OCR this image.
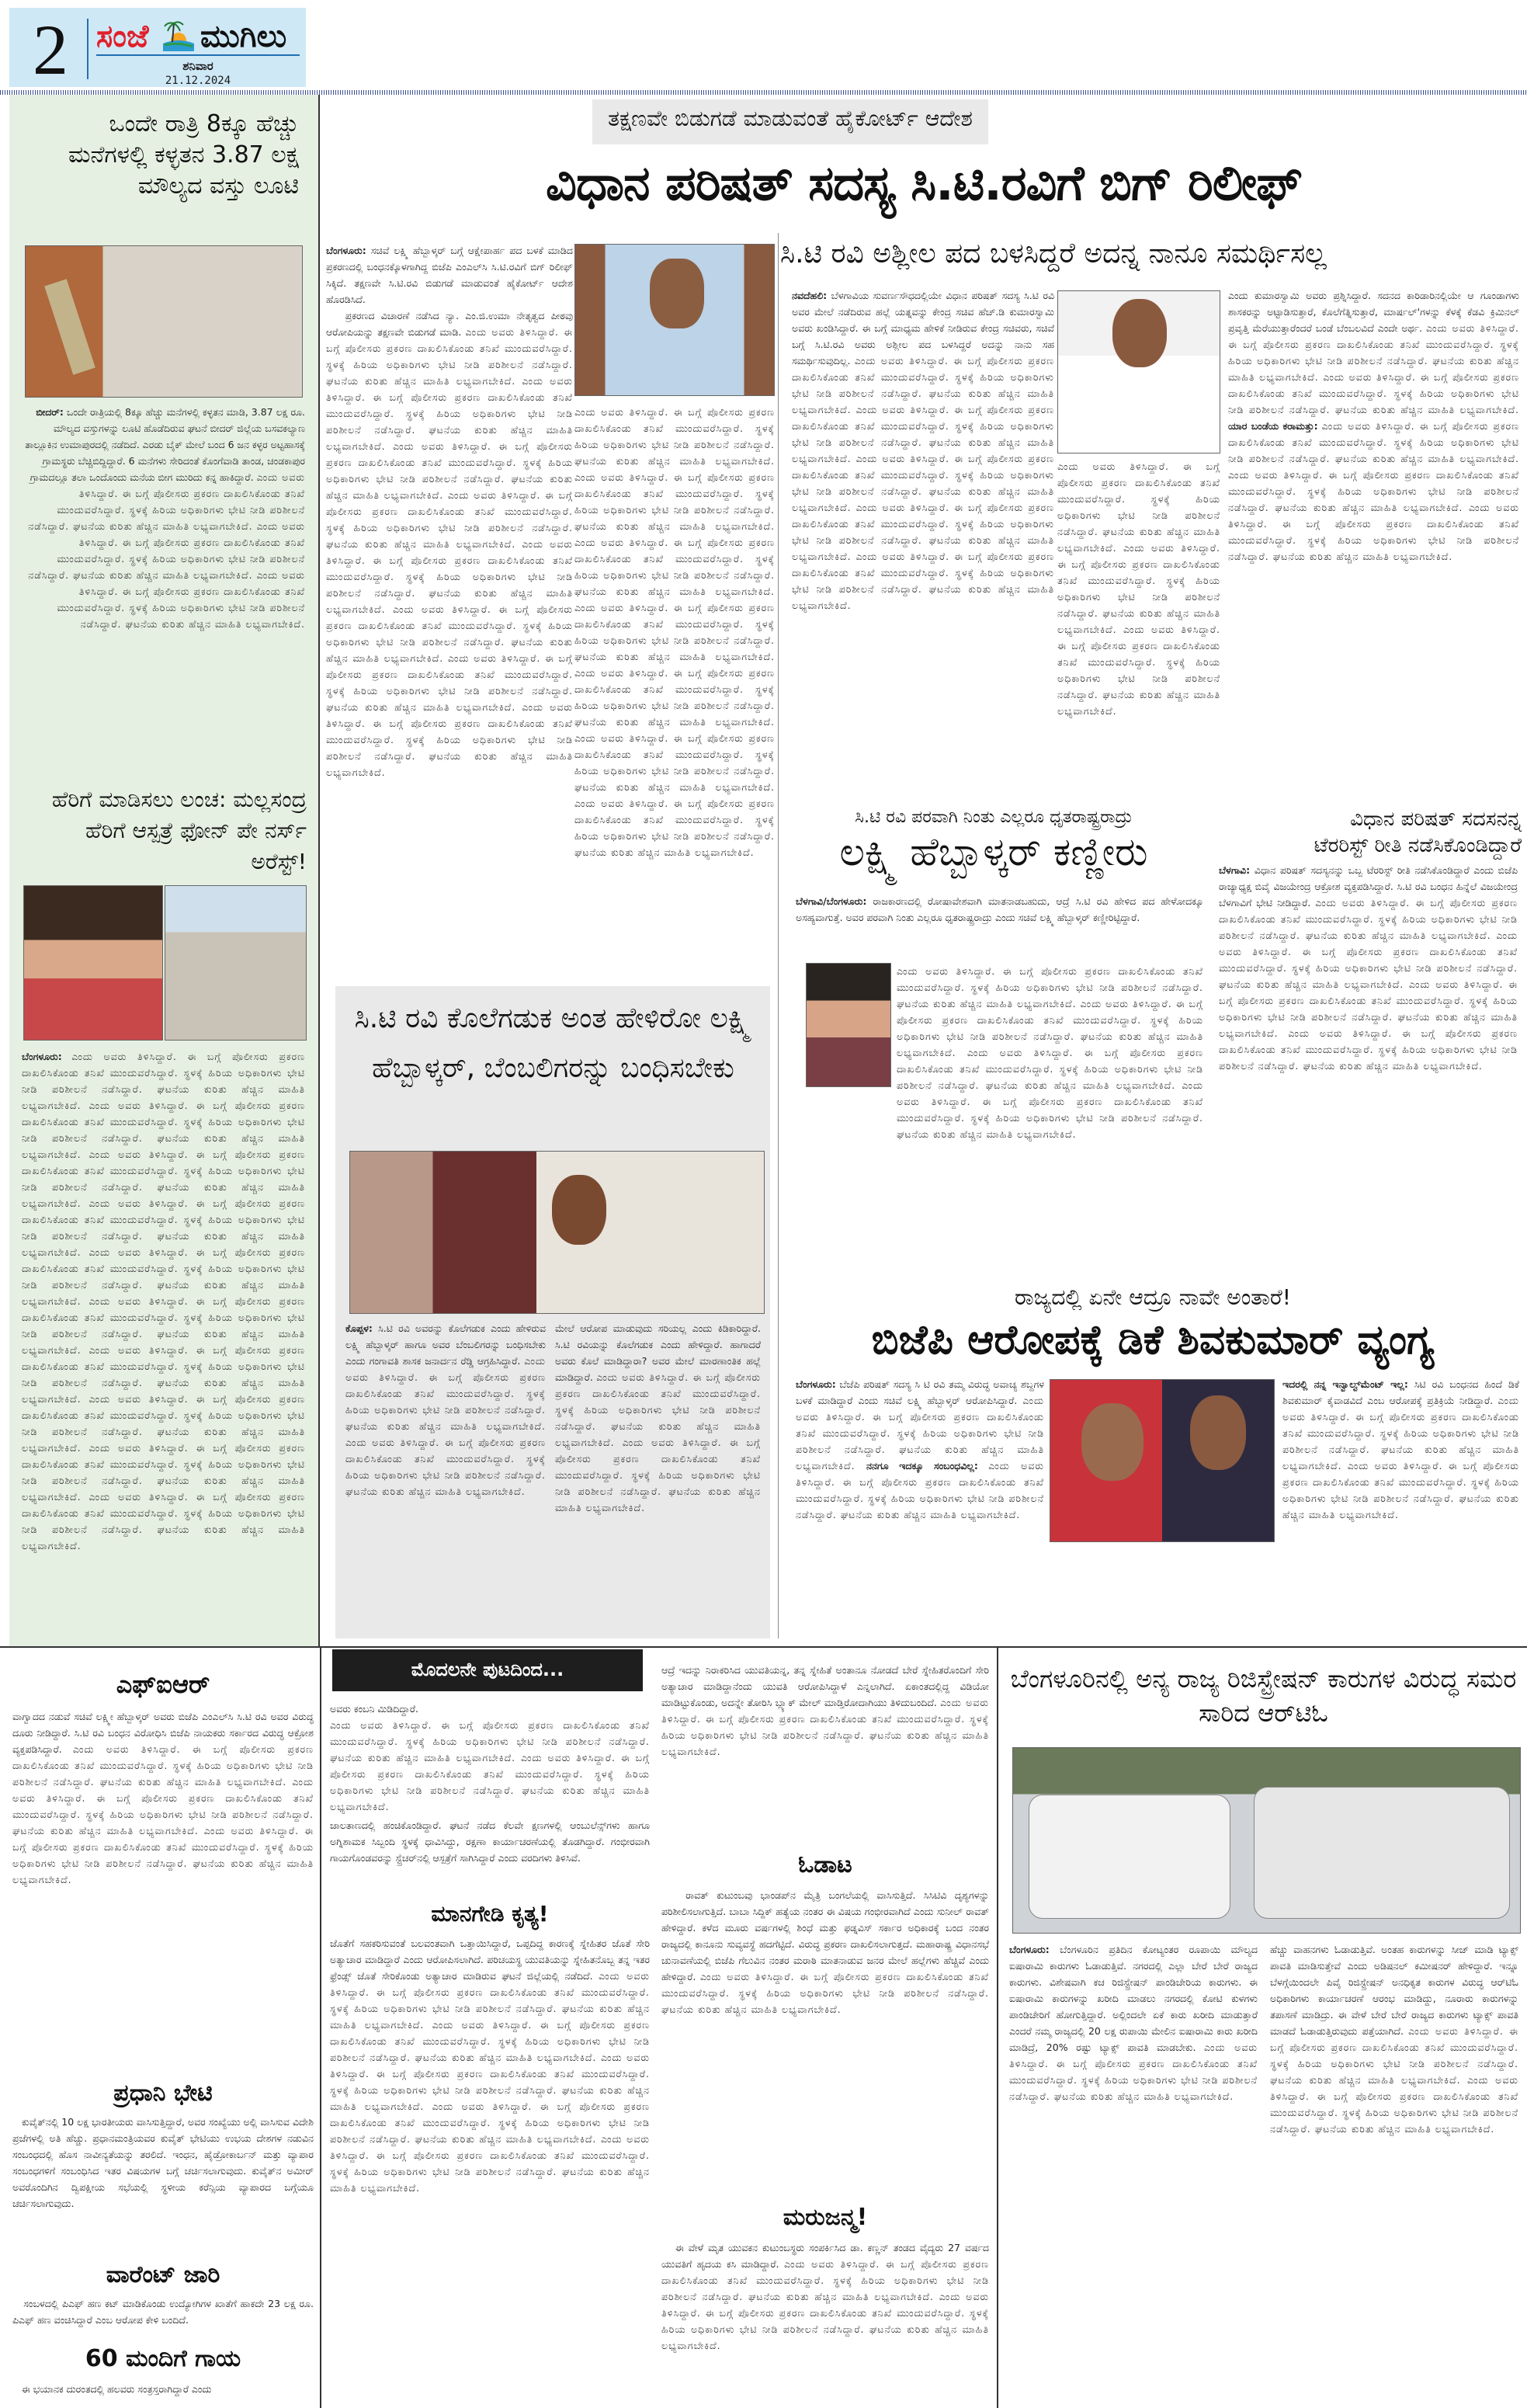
2 ಸಂಜೆ ಮುಗಿಲು
ಶನಿವಾರ
21.12.2024
ಒಂದೇ ರಾತ್ರಿ 8ಕ್ಕೂ ಹೆಚ್ಚು ಮನೆಗಳಲ್ಲಿ ಕಳ್ಳತನ 3.87 ಲಕ್ಷ ಮೌಲ್ಯದ ವಸ್ತು ಲೂಟಿ
ಬೀದರ್: ಒಂದೇ ರಾತ್ರಿಯಲ್ಲಿ 8ಕ್ಕೂ ಹೆಚ್ಚು ಮನೆಗಳಲ್ಲಿ ಕಳ್ಳತನ ಮಾಡಿ, 3.87 ಲಕ್ಷ ರೂ. ಮೌಲ್ಯದ ವಸ್ತುಗಳನ್ನು ಲೂಟಿ ಹೊಡೆದಿರುವ ಘಟನೆ ಬೀದರ್ ಜಿಲ್ಲೆಯ ಬಸವಕಲ್ಯಾಣ ತಾಲ್ಲೂಕಿನ ಉಮಾಪುರದಲ್ಲಿ ನಡೆದಿದೆ. ಎರಡು ಬೈಕ್ ಮೇಲೆ ಬಂದ 6 ಜನ ಕಳ್ಳರ ಅಟ್ಟಹಾಸಕ್ಕೆ ಗ್ರಾಮಸ್ಥರು ಬೆಚ್ಚಿಬಿದ್ದಿದ್ದಾರೆ. 6 ಮನೆಗಳು ಸೇರಿದಂತೆ ಕೊಂಗೆವಾಡಿ ತಾಂಡ, ಚಂಡಕಾಪುರ ಗ್ರಾಮದಲ್ಲೂ ತಲಾ ಒಂದೊಂದು ಮನೆಯ ಬೀಗ ಮುರಿದು ಕನ್ನ ಹಾಕಿದ್ದಾರೆ. ಎಂದು ಅವರು ತಿಳಿಸಿದ್ದಾರೆ. ಈ ಬಗ್ಗೆ ಪೊಲೀಸರು ಪ್ರಕರಣ ದಾಖಲಿಸಿಕೊಂಡು ತನಿಖೆ ಮುಂದುವರೆಸಿದ್ದಾರೆ. ಸ್ಥಳಕ್ಕೆ ಹಿರಿಯ ಅಧಿಕಾರಿಗಳು ಭೇಟಿ ನೀಡಿ ಪರಿಶೀಲನೆ ನಡೆಸಿದ್ದಾರೆ. ಘಟನೆಯ ಕುರಿತು ಹೆಚ್ಚಿನ ಮಾಹಿತಿ ಲಭ್ಯವಾಗಬೇಕಿದೆ. ಎಂದು ಅವರು ತಿಳಿಸಿದ್ದಾರೆ. ಈ ಬಗ್ಗೆ ಪೊಲೀಸರು ಪ್ರಕರಣ ದಾಖಲಿಸಿಕೊಂಡು ತನಿಖೆ ಮುಂದುವರೆಸಿದ್ದಾರೆ. ಸ್ಥಳಕ್ಕೆ ಹಿರಿಯ ಅಧಿಕಾರಿಗಳು ಭೇಟಿ ನೀಡಿ ಪರಿಶೀಲನೆ ನಡೆಸಿದ್ದಾರೆ. ಘಟನೆಯ ಕುರಿತು ಹೆಚ್ಚಿನ ಮಾಹಿತಿ ಲಭ್ಯವಾಗಬೇಕಿದೆ. ಎಂದು ಅವರು ತಿಳಿಸಿದ್ದಾರೆ. ಈ ಬಗ್ಗೆ ಪೊಲೀಸರು ಪ್ರಕರಣ ದಾಖಲಿಸಿಕೊಂಡು ತನಿಖೆ ಮುಂದುವರೆಸಿದ್ದಾರೆ. ಸ್ಥಳಕ್ಕೆ ಹಿರಿಯ ಅಧಿಕಾರಿಗಳು ಭೇಟಿ ನೀಡಿ ಪರಿಶೀಲನೆ ನಡೆಸಿದ್ದಾರೆ. ಘಟನೆಯ ಕುರಿತು ಹೆಚ್ಚಿನ ಮಾಹಿತಿ ಲಭ್ಯವಾಗಬೇಕಿದೆ.
ಹೆರಿಗೆ ಮಾಡಿಸಲು ಲಂಚ: ಮಲ್ಲಸಂದ್ರ ಹೆರಿಗೆ ಆಸ್ಪತ್ರೆ ಫೋನ್ ಪೇ ನರ್ಸ್ ಅರೆಸ್ಟ್!
ಬೆಂಗಳೂರು: ಎಂದು ಅವರು ತಿಳಿಸಿದ್ದಾರೆ. ಈ ಬಗ್ಗೆ ಪೊಲೀಸರು ಪ್ರಕರಣ ದಾಖಲಿಸಿಕೊಂಡು ತನಿಖೆ ಮುಂದುವರೆಸಿದ್ದಾರೆ. ಸ್ಥಳಕ್ಕೆ ಹಿರಿಯ ಅಧಿಕಾರಿಗಳು ಭೇಟಿ ನೀಡಿ ಪರಿಶೀಲನೆ ನಡೆಸಿದ್ದಾರೆ. ಘಟನೆಯ ಕುರಿತು ಹೆಚ್ಚಿನ ಮಾಹಿತಿ ಲಭ್ಯವಾಗಬೇಕಿದೆ. ಎಂದು ಅವರು ತಿಳಿಸಿದ್ದಾರೆ. ಈ ಬಗ್ಗೆ ಪೊಲೀಸರು ಪ್ರಕರಣ ದಾಖಲಿಸಿಕೊಂಡು ತನಿಖೆ ಮುಂದುವರೆಸಿದ್ದಾರೆ. ಸ್ಥಳಕ್ಕೆ ಹಿರಿಯ ಅಧಿಕಾರಿಗಳು ಭೇಟಿ ನೀಡಿ ಪರಿಶೀಲನೆ ನಡೆಸಿದ್ದಾರೆ. ಘಟನೆಯ ಕುರಿತು ಹೆಚ್ಚಿನ ಮಾಹಿತಿ ಲಭ್ಯವಾಗಬೇಕಿದೆ. ಎಂದು ಅವರು ತಿಳಿಸಿದ್ದಾರೆ. ಈ ಬಗ್ಗೆ ಪೊಲೀಸರು ಪ್ರಕರಣ ದಾಖಲಿಸಿಕೊಂಡು ತನಿಖೆ ಮುಂದುವರೆಸಿದ್ದಾರೆ. ಸ್ಥಳಕ್ಕೆ ಹಿರಿಯ ಅಧಿಕಾರಿಗಳು ಭೇಟಿ ನೀಡಿ ಪರಿಶೀಲನೆ ನಡೆಸಿದ್ದಾರೆ. ಘಟನೆಯ ಕುರಿತು ಹೆಚ್ಚಿನ ಮಾಹಿತಿ ಲಭ್ಯವಾಗಬೇಕಿದೆ. ಎಂದು ಅವರು ತಿಳಿಸಿದ್ದಾರೆ. ಈ ಬಗ್ಗೆ ಪೊಲೀಸರು ಪ್ರಕರಣ ದಾಖಲಿಸಿಕೊಂಡು ತನಿಖೆ ಮುಂದುವರೆಸಿದ್ದಾರೆ. ಸ್ಥಳಕ್ಕೆ ಹಿರಿಯ ಅಧಿಕಾರಿಗಳು ಭೇಟಿ ನೀಡಿ ಪರಿಶೀಲನೆ ನಡೆಸಿದ್ದಾರೆ. ಘಟನೆಯ ಕುರಿತು ಹೆಚ್ಚಿನ ಮಾಹಿತಿ ಲಭ್ಯವಾಗಬೇಕಿದೆ. ಎಂದು ಅವರು ತಿಳಿಸಿದ್ದಾರೆ. ಈ ಬಗ್ಗೆ ಪೊಲೀಸರು ಪ್ರಕರಣ ದಾಖಲಿಸಿಕೊಂಡು ತನಿಖೆ ಮುಂದುವರೆಸಿದ್ದಾರೆ. ಸ್ಥಳಕ್ಕೆ ಹಿರಿಯ ಅಧಿಕಾರಿಗಳು ಭೇಟಿ ನೀಡಿ ಪರಿಶೀಲನೆ ನಡೆಸಿದ್ದಾರೆ. ಘಟನೆಯ ಕುರಿತು ಹೆಚ್ಚಿನ ಮಾಹಿತಿ ಲಭ್ಯವಾಗಬೇಕಿದೆ. ಎಂದು ಅವರು ತಿಳಿಸಿದ್ದಾರೆ. ಈ ಬಗ್ಗೆ ಪೊಲೀಸರು ಪ್ರಕರಣ ದಾಖಲಿಸಿಕೊಂಡು ತನಿಖೆ ಮುಂದುವರೆಸಿದ್ದಾರೆ. ಸ್ಥಳಕ್ಕೆ ಹಿರಿಯ ಅಧಿಕಾರಿಗಳು ಭೇಟಿ ನೀಡಿ ಪರಿಶೀಲನೆ ನಡೆಸಿದ್ದಾರೆ. ಘಟನೆಯ ಕುರಿತು ಹೆಚ್ಚಿನ ಮಾಹಿತಿ ಲಭ್ಯವಾಗಬೇಕಿದೆ. ಎಂದು ಅವರು ತಿಳಿಸಿದ್ದಾರೆ. ಈ ಬಗ್ಗೆ ಪೊಲೀಸರು ಪ್ರಕರಣ ದಾಖಲಿಸಿಕೊಂಡು ತನಿಖೆ ಮುಂದುವರೆಸಿದ್ದಾರೆ. ಸ್ಥಳಕ್ಕೆ ಹಿರಿಯ ಅಧಿಕಾರಿಗಳು ಭೇಟಿ ನೀಡಿ ಪರಿಶೀಲನೆ ನಡೆಸಿದ್ದಾರೆ. ಘಟನೆಯ ಕುರಿತು ಹೆಚ್ಚಿನ ಮಾಹಿತಿ ಲಭ್ಯವಾಗಬೇಕಿದೆ. ಎಂದು ಅವರು ತಿಳಿಸಿದ್ದಾರೆ. ಈ ಬಗ್ಗೆ ಪೊಲೀಸರು ಪ್ರಕರಣ ದಾಖಲಿಸಿಕೊಂಡು ತನಿಖೆ ಮುಂದುವರೆಸಿದ್ದಾರೆ. ಸ್ಥಳಕ್ಕೆ ಹಿರಿಯ ಅಧಿಕಾರಿಗಳು ಭೇಟಿ ನೀಡಿ ಪರಿಶೀಲನೆ ನಡೆಸಿದ್ದಾರೆ. ಘಟನೆಯ ಕುರಿತು ಹೆಚ್ಚಿನ ಮಾಹಿತಿ ಲಭ್ಯವಾಗಬೇಕಿದೆ. ಎಂದು ಅವರು ತಿಳಿಸಿದ್ದಾರೆ. ಈ ಬಗ್ಗೆ ಪೊಲೀಸರು ಪ್ರಕರಣ ದಾಖಲಿಸಿಕೊಂಡು ತನಿಖೆ ಮುಂದುವರೆಸಿದ್ದಾರೆ. ಸ್ಥಳಕ್ಕೆ ಹಿರಿಯ ಅಧಿಕಾರಿಗಳು ಭೇಟಿ ನೀಡಿ ಪರಿಶೀಲನೆ ನಡೆಸಿದ್ದಾರೆ. ಘಟನೆಯ ಕುರಿತು ಹೆಚ್ಚಿನ ಮಾಹಿತಿ ಲಭ್ಯವಾಗಬೇಕಿದೆ. ಎಂದು ಅವರು ತಿಳಿಸಿದ್ದಾರೆ. ಈ ಬಗ್ಗೆ ಪೊಲೀಸರು ಪ್ರಕರಣ ದಾಖಲಿಸಿಕೊಂಡು ತನಿಖೆ ಮುಂದುವರೆಸಿದ್ದಾರೆ. ಸ್ಥಳಕ್ಕೆ ಹಿರಿಯ ಅಧಿಕಾರಿಗಳು ಭೇಟಿ ನೀಡಿ ಪರಿಶೀಲನೆ ನಡೆಸಿದ್ದಾರೆ. ಘಟನೆಯ ಕುರಿತು ಹೆಚ್ಚಿನ ಮಾಹಿತಿ ಲಭ್ಯವಾಗಬೇಕಿದೆ.
ತಕ್ಷಣವೇ ಬಿಡುಗಡೆ ಮಾಡುವಂತೆ ಹೈಕೋರ್ಟ್ ಆದೇಶ
ವಿಧಾನ ಪರಿಷತ್ ಸದಸ್ಯ ಸಿ.ಟಿ.ರವಿಗೆ ಬಿಗ್ ರಿಲೀಫ್
ಬೆಂಗಳೂರು: ಸಚಿವೆ ಲಕ್ಷ್ಮಿ ಹೆಬ್ಬಾಳ್ಕರ್ ಬಗ್ಗೆ ಆಕ್ಷೇಪಾರ್ಹ ಪದ ಬಳಕೆ ಮಾಡಿದ ಪ್ರಕರಣದಲ್ಲಿ ಬಂಧನಕ್ಕೊಳಗಾಗಿದ್ದ ಬಿಜೆಪಿ ಎಂಎಲ್‌ಸಿ ಸಿ.ಟಿ.ರವಿಗೆ ಬಿಗ್ ರಿಲೀಫ್ ಸಿಕ್ಕಿದೆ. ತಕ್ಷಣವೇ ಸಿ.ಟಿ.ರವಿ ಬಿಡುಗಡೆ ಮಾಡುವಂತೆ ಹೈಕೋರ್ಟ್ ಆದೇಶ ಹೊರಡಿಸಿದೆ.
ಪ್ರಕರಣದ ವಿಚಾರಣೆ ನಡೆಸಿದ ನ್ಯಾ. ಎಂ.ಜಿ.ಉಮಾ ನೇತೃತ್ವದ ಪೀಠವು ಆರೋಪಿಯನ್ನು ತಕ್ಷಣವೇ ಬಿಡುಗಡೆ ಮಾಡಿ. ಎಂದು ಅವರು ತಿಳಿಸಿದ್ದಾರೆ. ಈ ಬಗ್ಗೆ ಪೊಲೀಸರು ಪ್ರಕರಣ ದಾಖಲಿಸಿಕೊಂಡು ತನಿಖೆ ಮುಂದುವರೆಸಿದ್ದಾರೆ. ಸ್ಥಳಕ್ಕೆ ಹಿರಿಯ ಅಧಿಕಾರಿಗಳು ಭೇಟಿ ನೀಡಿ ಪರಿಶೀಲನೆ ನಡೆಸಿದ್ದಾರೆ. ಘಟನೆಯ ಕುರಿತು ಹೆಚ್ಚಿನ ಮಾಹಿತಿ ಲಭ್ಯವಾಗಬೇಕಿದೆ. ಎಂದು ಅವರು ತಿಳಿಸಿದ್ದಾರೆ. ಈ ಬಗ್ಗೆ ಪೊಲೀಸರು ಪ್ರಕರಣ ದಾಖಲಿಸಿಕೊಂಡು ತನಿಖೆ ಮುಂದುವರೆಸಿದ್ದಾರೆ. ಸ್ಥಳಕ್ಕೆ ಹಿರಿಯ ಅಧಿಕಾರಿಗಳು ಭೇಟಿ ನೀಡಿ ಪರಿಶೀಲನೆ ನಡೆಸಿದ್ದಾರೆ. ಘಟನೆಯ ಕುರಿತು ಹೆಚ್ಚಿನ ಮಾಹಿತಿ ಲಭ್ಯವಾಗಬೇಕಿದೆ. ಎಂದು ಅವರು ತಿಳಿಸಿದ್ದಾರೆ. ಈ ಬಗ್ಗೆ ಪೊಲೀಸರು ಪ್ರಕರಣ ದಾಖಲಿಸಿಕೊಂಡು ತನಿಖೆ ಮುಂದುವರೆಸಿದ್ದಾರೆ. ಸ್ಥಳಕ್ಕೆ ಹಿರಿಯ ಅಧಿಕಾರಿಗಳು ಭೇಟಿ ನೀಡಿ ಪರಿಶೀಲನೆ ನಡೆಸಿದ್ದಾರೆ. ಘಟನೆಯ ಕುರಿತು ಹೆಚ್ಚಿನ ಮಾಹಿತಿ ಲಭ್ಯವಾಗಬೇಕಿದೆ. ಎಂದು ಅವರು ತಿಳಿಸಿದ್ದಾರೆ. ಈ ಬಗ್ಗೆ ಪೊಲೀಸರು ಪ್ರಕರಣ ದಾಖಲಿಸಿಕೊಂಡು ತನಿಖೆ ಮುಂದುವರೆಸಿದ್ದಾರೆ. ಸ್ಥಳಕ್ಕೆ ಹಿರಿಯ ಅಧಿಕಾರಿಗಳು ಭೇಟಿ ನೀಡಿ ಪರಿಶೀಲನೆ ನಡೆಸಿದ್ದಾರೆ. ಘಟನೆಯ ಕುರಿತು ಹೆಚ್ಚಿನ ಮಾಹಿತಿ ಲಭ್ಯವಾಗಬೇಕಿದೆ. ಎಂದು ಅವರು ತಿಳಿಸಿದ್ದಾರೆ. ಈ ಬಗ್ಗೆ ಪೊಲೀಸರು ಪ್ರಕರಣ ದಾಖಲಿಸಿಕೊಂಡು ತನಿಖೆ ಮುಂದುವರೆಸಿದ್ದಾರೆ. ಸ್ಥಳಕ್ಕೆ ಹಿರಿಯ ಅಧಿಕಾರಿಗಳು ಭೇಟಿ ನೀಡಿ ಪರಿಶೀಲನೆ ನಡೆಸಿದ್ದಾರೆ. ಘಟನೆಯ ಕುರಿತು ಹೆಚ್ಚಿನ ಮಾಹಿತಿ ಲಭ್ಯವಾಗಬೇಕಿದೆ. ಎಂದು ಅವರು ತಿಳಿಸಿದ್ದಾರೆ. ಈ ಬಗ್ಗೆ ಪೊಲೀಸರು ಪ್ರಕರಣ ದಾಖಲಿಸಿಕೊಂಡು ತನಿಖೆ ಮುಂದುವರೆಸಿದ್ದಾರೆ. ಸ್ಥಳಕ್ಕೆ ಹಿರಿಯ ಅಧಿಕಾರಿಗಳು ಭೇಟಿ ನೀಡಿ ಪರಿಶೀಲನೆ ನಡೆಸಿದ್ದಾರೆ. ಘಟನೆಯ ಕುರಿತು ಹೆಚ್ಚಿನ ಮಾಹಿತಿ ಲಭ್ಯವಾಗಬೇಕಿದೆ. ಎಂದು ಅವರು ತಿಳಿಸಿದ್ದಾರೆ. ಈ ಬಗ್ಗೆ ಪೊಲೀಸರು ಪ್ರಕರಣ ದಾಖಲಿಸಿಕೊಂಡು ತನಿಖೆ ಮುಂದುವರೆಸಿದ್ದಾರೆ. ಸ್ಥಳಕ್ಕೆ ಹಿರಿಯ ಅಧಿಕಾರಿಗಳು ಭೇಟಿ ನೀಡಿ ಪರಿಶೀಲನೆ ನಡೆಸಿದ್ದಾರೆ. ಘಟನೆಯ ಕುರಿತು ಹೆಚ್ಚಿನ ಮಾಹಿತಿ ಲಭ್ಯವಾಗಬೇಕಿದೆ. ಎಂದು ಅವರು ತಿಳಿಸಿದ್ದಾರೆ. ಈ ಬಗ್ಗೆ ಪೊಲೀಸರು ಪ್ರಕರಣ ದಾಖಲಿಸಿಕೊಂಡು ತನಿಖೆ ಮುಂದುವರೆಸಿದ್ದಾರೆ. ಸ್ಥಳಕ್ಕೆ ಹಿರಿಯ ಅಧಿಕಾರಿಗಳು ಭೇಟಿ ನೀಡಿ ಪರಿಶೀಲನೆ ನಡೆಸಿದ್ದಾರೆ. ಘಟನೆಯ ಕುರಿತು ಹೆಚ್ಚಿನ ಮಾಹಿತಿ ಲಭ್ಯವಾಗಬೇಕಿದೆ.
ಎಂದು ಅವರು ತಿಳಿಸಿದ್ದಾರೆ. ಈ ಬಗ್ಗೆ ಪೊಲೀಸರು ಪ್ರಕರಣ ದಾಖಲಿಸಿಕೊಂಡು ತನಿಖೆ ಮುಂದುವರೆಸಿದ್ದಾರೆ. ಸ್ಥಳಕ್ಕೆ ಹಿರಿಯ ಅಧಿಕಾರಿಗಳು ಭೇಟಿ ನೀಡಿ ಪರಿಶೀಲನೆ ನಡೆಸಿದ್ದಾರೆ. ಘಟನೆಯ ಕುರಿತು ಹೆಚ್ಚಿನ ಮಾಹಿತಿ ಲಭ್ಯವಾಗಬೇಕಿದೆ. ಎಂದು ಅವರು ತಿಳಿಸಿದ್ದಾರೆ. ಈ ಬಗ್ಗೆ ಪೊಲೀಸರು ಪ್ರಕರಣ ದಾಖಲಿಸಿಕೊಂಡು ತನಿಖೆ ಮುಂದುವರೆಸಿದ್ದಾರೆ. ಸ್ಥಳಕ್ಕೆ ಹಿರಿಯ ಅಧಿಕಾರಿಗಳು ಭೇಟಿ ನೀಡಿ ಪರಿಶೀಲನೆ ನಡೆಸಿದ್ದಾರೆ. ಘಟನೆಯ ಕುರಿತು ಹೆಚ್ಚಿನ ಮಾಹಿತಿ ಲಭ್ಯವಾಗಬೇಕಿದೆ. ಎಂದು ಅವರು ತಿಳಿಸಿದ್ದಾರೆ. ಈ ಬಗ್ಗೆ ಪೊಲೀಸರು ಪ್ರಕರಣ ದಾಖಲಿಸಿಕೊಂಡು ತನಿಖೆ ಮುಂದುವರೆಸಿದ್ದಾರೆ. ಸ್ಥಳಕ್ಕೆ ಹಿರಿಯ ಅಧಿಕಾರಿಗಳು ಭೇಟಿ ನೀಡಿ ಪರಿಶೀಲನೆ ನಡೆಸಿದ್ದಾರೆ. ಘಟನೆಯ ಕುರಿತು ಹೆಚ್ಚಿನ ಮಾಹಿತಿ ಲಭ್ಯವಾಗಬೇಕಿದೆ. ಎಂದು ಅವರು ತಿಳಿಸಿದ್ದಾರೆ. ಈ ಬಗ್ಗೆ ಪೊಲೀಸರು ಪ್ರಕರಣ ದಾಖಲಿಸಿಕೊಂಡು ತನಿಖೆ ಮುಂದುವರೆಸಿದ್ದಾರೆ. ಸ್ಥಳಕ್ಕೆ ಹಿರಿಯ ಅಧಿಕಾರಿಗಳು ಭೇಟಿ ನೀಡಿ ಪರಿಶೀಲನೆ ನಡೆಸಿದ್ದಾರೆ. ಘಟನೆಯ ಕುರಿತು ಹೆಚ್ಚಿನ ಮಾಹಿತಿ ಲಭ್ಯವಾಗಬೇಕಿದೆ. ಎಂದು ಅವರು ತಿಳಿಸಿದ್ದಾರೆ. ಈ ಬಗ್ಗೆ ಪೊಲೀಸರು ಪ್ರಕರಣ ದಾಖಲಿಸಿಕೊಂಡು ತನಿಖೆ ಮುಂದುವರೆಸಿದ್ದಾರೆ. ಸ್ಥಳಕ್ಕೆ ಹಿರಿಯ ಅಧಿಕಾರಿಗಳು ಭೇಟಿ ನೀಡಿ ಪರಿಶೀಲನೆ ನಡೆಸಿದ್ದಾರೆ. ಘಟನೆಯ ಕುರಿತು ಹೆಚ್ಚಿನ ಮಾಹಿತಿ ಲಭ್ಯವಾಗಬೇಕಿದೆ. ಎಂದು ಅವರು ತಿಳಿಸಿದ್ದಾರೆ. ಈ ಬಗ್ಗೆ ಪೊಲೀಸರು ಪ್ರಕರಣ ದಾಖಲಿಸಿಕೊಂಡು ತನಿಖೆ ಮುಂದುವರೆಸಿದ್ದಾರೆ. ಸ್ಥಳಕ್ಕೆ ಹಿರಿಯ ಅಧಿಕಾರಿಗಳು ಭೇಟಿ ನೀಡಿ ಪರಿಶೀಲನೆ ನಡೆಸಿದ್ದಾರೆ. ಘಟನೆಯ ಕುರಿತು ಹೆಚ್ಚಿನ ಮಾಹಿತಿ ಲಭ್ಯವಾಗಬೇಕಿದೆ. ಎಂದು ಅವರು ತಿಳಿಸಿದ್ದಾರೆ. ಈ ಬಗ್ಗೆ ಪೊಲೀಸರು ಪ್ರಕರಣ ದಾಖಲಿಸಿಕೊಂಡು ತನಿಖೆ ಮುಂದುವರೆಸಿದ್ದಾರೆ. ಸ್ಥಳಕ್ಕೆ ಹಿರಿಯ ಅಧಿಕಾರಿಗಳು ಭೇಟಿ ನೀಡಿ ಪರಿಶೀಲನೆ ನಡೆಸಿದ್ದಾರೆ. ಘಟನೆಯ ಕುರಿತು ಹೆಚ್ಚಿನ ಮಾಹಿತಿ ಲಭ್ಯವಾಗಬೇಕಿದೆ.
ಸಿ.ಟಿ ರವಿ ಅಶ್ಲೀಲ ಪದ ಬಳಸಿದ್ದರೆ ಅದನ್ನ ನಾನೂ ಸಮರ್ಥಿಸಲ್ಲ
ನವದೆಹಲಿ: ಬೆಳಗಾವಿಯ ಸುವರ್ಣಸೌಧದಲ್ಲಿಯೇ ವಿಧಾನ ಪರಿಷತ್ ಸದಸ್ಯ ಸಿ.ಟಿ ರವಿ ಅವರ ಮೇಲೆ ನಡೆದಿರುವ ಹಲ್ಲೆ ಯತ್ನವನ್ನು ಕೇಂದ್ರ ಸಚಿವ ಹೆಚ್.ಡಿ ಕುಮಾರಸ್ವಾಮಿ ಅವರು ಖಂಡಿಸಿದ್ದಾರೆ. ಈ ಬಗ್ಗೆ ಮಾಧ್ಯಮ ಹೇಳಿಕೆ ನೀಡಿರುವ ಕೇಂದ್ರ ಸಚಿವರು, ಸಚಿವೆ ಬಗ್ಗೆ ಸಿ.ಟಿ.ರವಿ ಅವರು ಅಶ್ಲೀಲ ಪದ ಬಳಸಿದ್ದರೆ ಅದನ್ನು ನಾನು ಸಹ ಸಮರ್ಥಿಸುವುದಿಲ್ಲ. ಎಂದು ಅವರು ತಿಳಿಸಿದ್ದಾರೆ. ಈ ಬಗ್ಗೆ ಪೊಲೀಸರು ಪ್ರಕರಣ ದಾಖಲಿಸಿಕೊಂಡು ತನಿಖೆ ಮುಂದುವರೆಸಿದ್ದಾರೆ. ಸ್ಥಳಕ್ಕೆ ಹಿರಿಯ ಅಧಿಕಾರಿಗಳು ಭೇಟಿ ನೀಡಿ ಪರಿಶೀಲನೆ ನಡೆಸಿದ್ದಾರೆ. ಘಟನೆಯ ಕುರಿತು ಹೆಚ್ಚಿನ ಮಾಹಿತಿ ಲಭ್ಯವಾಗಬೇಕಿದೆ. ಎಂದು ಅವರು ತಿಳಿಸಿದ್ದಾರೆ. ಈ ಬಗ್ಗೆ ಪೊಲೀಸರು ಪ್ರಕರಣ ದಾಖಲಿಸಿಕೊಂಡು ತನಿಖೆ ಮುಂದುವರೆಸಿದ್ದಾರೆ. ಸ್ಥಳಕ್ಕೆ ಹಿರಿಯ ಅಧಿಕಾರಿಗಳು ಭೇಟಿ ನೀಡಿ ಪರಿಶೀಲನೆ ನಡೆಸಿದ್ದಾರೆ. ಘಟನೆಯ ಕುರಿತು ಹೆಚ್ಚಿನ ಮಾಹಿತಿ ಲಭ್ಯವಾಗಬೇಕಿದೆ. ಎಂದು ಅವರು ತಿಳಿಸಿದ್ದಾರೆ. ಈ ಬಗ್ಗೆ ಪೊಲೀಸರು ಪ್ರಕರಣ ದಾಖಲಿಸಿಕೊಂಡು ತನಿಖೆ ಮುಂದುವರೆಸಿದ್ದಾರೆ. ಸ್ಥಳಕ್ಕೆ ಹಿರಿಯ ಅಧಿಕಾರಿಗಳು ಭೇಟಿ ನೀಡಿ ಪರಿಶೀಲನೆ ನಡೆಸಿದ್ದಾರೆ. ಘಟನೆಯ ಕುರಿತು ಹೆಚ್ಚಿನ ಮಾಹಿತಿ ಲಭ್ಯವಾಗಬೇಕಿದೆ. ಎಂದು ಅವರು ತಿಳಿಸಿದ್ದಾರೆ. ಈ ಬಗ್ಗೆ ಪೊಲೀಸರು ಪ್ರಕರಣ ದಾಖಲಿಸಿಕೊಂಡು ತನಿಖೆ ಮುಂದುವರೆಸಿದ್ದಾರೆ. ಸ್ಥಳಕ್ಕೆ ಹಿರಿಯ ಅಧಿಕಾರಿಗಳು ಭೇಟಿ ನೀಡಿ ಪರಿಶೀಲನೆ ನಡೆಸಿದ್ದಾರೆ. ಘಟನೆಯ ಕುರಿತು ಹೆಚ್ಚಿನ ಮಾಹಿತಿ ಲಭ್ಯವಾಗಬೇಕಿದೆ. ಎಂದು ಅವರು ತಿಳಿಸಿದ್ದಾರೆ. ಈ ಬಗ್ಗೆ ಪೊಲೀಸರು ಪ್ರಕರಣ ದಾಖಲಿಸಿಕೊಂಡು ತನಿಖೆ ಮುಂದುವರೆಸಿದ್ದಾರೆ. ಸ್ಥಳಕ್ಕೆ ಹಿರಿಯ ಅಧಿಕಾರಿಗಳು ಭೇಟಿ ನೀಡಿ ಪರಿಶೀಲನೆ ನಡೆಸಿದ್ದಾರೆ. ಘಟನೆಯ ಕುರಿತು ಹೆಚ್ಚಿನ ಮಾಹಿತಿ ಲಭ್ಯವಾಗಬೇಕಿದೆ.
ಎಂದು ಅವರು ತಿಳಿಸಿದ್ದಾರೆ. ಈ ಬಗ್ಗೆ ಪೊಲೀಸರು ಪ್ರಕರಣ ದಾಖಲಿಸಿಕೊಂಡು ತನಿಖೆ ಮುಂದುವರೆಸಿದ್ದಾರೆ. ಸ್ಥಳಕ್ಕೆ ಹಿರಿಯ ಅಧಿಕಾರಿಗಳು ಭೇಟಿ ನೀಡಿ ಪರಿಶೀಲನೆ ನಡೆಸಿದ್ದಾರೆ. ಘಟನೆಯ ಕುರಿತು ಹೆಚ್ಚಿನ ಮಾಹಿತಿ ಲಭ್ಯವಾಗಬೇಕಿದೆ. ಎಂದು ಅವರು ತಿಳಿಸಿದ್ದಾರೆ. ಈ ಬಗ್ಗೆ ಪೊಲೀಸರು ಪ್ರಕರಣ ದಾಖಲಿಸಿಕೊಂಡು ತನಿಖೆ ಮುಂದುವರೆಸಿದ್ದಾರೆ. ಸ್ಥಳಕ್ಕೆ ಹಿರಿಯ ಅಧಿಕಾರಿಗಳು ಭೇಟಿ ನೀಡಿ ಪರಿಶೀಲನೆ ನಡೆಸಿದ್ದಾರೆ. ಘಟನೆಯ ಕುರಿತು ಹೆಚ್ಚಿನ ಮಾಹಿತಿ ಲಭ್ಯವಾಗಬೇಕಿದೆ. ಎಂದು ಅವರು ತಿಳಿಸಿದ್ದಾರೆ. ಈ ಬಗ್ಗೆ ಪೊಲೀಸರು ಪ್ರಕರಣ ದಾಖಲಿಸಿಕೊಂಡು ತನಿಖೆ ಮುಂದುವರೆಸಿದ್ದಾರೆ. ಸ್ಥಳಕ್ಕೆ ಹಿರಿಯ ಅಧಿಕಾರಿಗಳು ಭೇಟಿ ನೀಡಿ ಪರಿಶೀಲನೆ ನಡೆಸಿದ್ದಾರೆ. ಘಟನೆಯ ಕುರಿತು ಹೆಚ್ಚಿನ ಮಾಹಿತಿ ಲಭ್ಯವಾಗಬೇಕಿದೆ.
ಎಂದು ಕುಮಾರಸ್ವಾಮಿ ಅವರು ಪ್ರಶ್ನಿಸಿದ್ದಾರೆ. ಸದನದ ಕಾರಿಡಾರಿನಲ್ಲಿಯೇ ಆ ಗೂಂಡಾಗಳು ಶಾಸಕರನ್ನು ಅಟ್ಟಾಡಿಸುತ್ತಾರೆ, ಕೊಲೆಗೆತ್ನಿಸುತ್ತಾರೆ, ಮಾರ್ಷಲ್'ಗಳನ್ನು ಕೆಳಕ್ಕೆ ಕೆಡವಿ ಕ್ರಿಮಿನಲ್ ಪ್ರವೃತ್ತಿ ಮೆರೆಯುತ್ತಾರೆಂದರೆ ಬಂಡೆ ಬೆಂಬಲವಿದೆ ಎಂದೇ ಅರ್ಥ. ಎಂದು ಅವರು ತಿಳಿಸಿದ್ದಾರೆ. ಈ ಬಗ್ಗೆ ಪೊಲೀಸರು ಪ್ರಕರಣ ದಾಖಲಿಸಿಕೊಂಡು ತನಿಖೆ ಮುಂದುವರೆಸಿದ್ದಾರೆ. ಸ್ಥಳಕ್ಕೆ ಹಿರಿಯ ಅಧಿಕಾರಿಗಳು ಭೇಟಿ ನೀಡಿ ಪರಿಶೀಲನೆ ನಡೆಸಿದ್ದಾರೆ. ಘಟನೆಯ ಕುರಿತು ಹೆಚ್ಚಿನ ಮಾಹಿತಿ ಲಭ್ಯವಾಗಬೇಕಿದೆ. ಎಂದು ಅವರು ತಿಳಿಸಿದ್ದಾರೆ. ಈ ಬಗ್ಗೆ ಪೊಲೀಸರು ಪ್ರಕರಣ ದಾಖಲಿಸಿಕೊಂಡು ತನಿಖೆ ಮುಂದುವರೆಸಿದ್ದಾರೆ. ಸ್ಥಳಕ್ಕೆ ಹಿರಿಯ ಅಧಿಕಾರಿಗಳು ಭೇಟಿ ನೀಡಿ ಪರಿಶೀಲನೆ ನಡೆಸಿದ್ದಾರೆ. ಘಟನೆಯ ಕುರಿತು ಹೆಚ್ಚಿನ ಮಾಹಿತಿ ಲಭ್ಯವಾಗಬೇಕಿದೆ. ಯಾರ ಬಂಡೆಯ ಕರಾಮತ್ತು: ಎಂದು ಅವರು ತಿಳಿಸಿದ್ದಾರೆ. ಈ ಬಗ್ಗೆ ಪೊಲೀಸರು ಪ್ರಕರಣ ದಾಖಲಿಸಿಕೊಂಡು ತನಿಖೆ ಮುಂದುವರೆಸಿದ್ದಾರೆ. ಸ್ಥಳಕ್ಕೆ ಹಿರಿಯ ಅಧಿಕಾರಿಗಳು ಭೇಟಿ ನೀಡಿ ಪರಿಶೀಲನೆ ನಡೆಸಿದ್ದಾರೆ. ಘಟನೆಯ ಕುರಿತು ಹೆಚ್ಚಿನ ಮಾಹಿತಿ ಲಭ್ಯವಾಗಬೇಕಿದೆ. ಎಂದು ಅವರು ತಿಳಿಸಿದ್ದಾರೆ. ಈ ಬಗ್ಗೆ ಪೊಲೀಸರು ಪ್ರಕರಣ ದಾಖಲಿಸಿಕೊಂಡು ತನಿಖೆ ಮುಂದುವರೆಸಿದ್ದಾರೆ. ಸ್ಥಳಕ್ಕೆ ಹಿರಿಯ ಅಧಿಕಾರಿಗಳು ಭೇಟಿ ನೀಡಿ ಪರಿಶೀಲನೆ ನಡೆಸಿದ್ದಾರೆ. ಘಟನೆಯ ಕುರಿತು ಹೆಚ್ಚಿನ ಮಾಹಿತಿ ಲಭ್ಯವಾಗಬೇಕಿದೆ. ಎಂದು ಅವರು ತಿಳಿಸಿದ್ದಾರೆ. ಈ ಬಗ್ಗೆ ಪೊಲೀಸರು ಪ್ರಕರಣ ದಾಖಲಿಸಿಕೊಂಡು ತನಿಖೆ ಮುಂದುವರೆಸಿದ್ದಾರೆ. ಸ್ಥಳಕ್ಕೆ ಹಿರಿಯ ಅಧಿಕಾರಿಗಳು ಭೇಟಿ ನೀಡಿ ಪರಿಶೀಲನೆ ನಡೆಸಿದ್ದಾರೆ. ಘಟನೆಯ ಕುರಿತು ಹೆಚ್ಚಿನ ಮಾಹಿತಿ ಲಭ್ಯವಾಗಬೇಕಿದೆ.
ಸಿ.ಟಿ ರವಿ ಪರವಾಗಿ ನಿಂತು ಎಲ್ಲರೂ ಧೃತರಾಷ್ಟ್ರರಾದ್ರು
ಲಕ್ಷ್ಮಿ ಹೆಬ್ಬಾಳ್ಕರ್ ಕಣ್ಣೀರು
ಬೆಳಗಾವಿ/ಬೆಂಗಳೂರು: ರಾಜಕಾರಣದಲ್ಲಿ ರೋಷಾವೇಶವಾಗಿ ಮಾತನಾಡಬಹುದು, ಆದ್ರೆ ಸಿ.ಟಿ ರವಿ ಹೇಳಿದ ಪದ ಹೇಳೋದಕ್ಕೂ ಅಸಹ್ಯವಾಗುತ್ತೆ. ಅವರ ಪರವಾಗಿ ನಿಂತು ಎಲ್ಲರೂ ಧೃತರಾಷ್ಟ್ರರಾದ್ರು ಎಂದು ಸಚಿವೆ ಲಕ್ಷ್ಮಿ ಹೆಬ್ಬಾಳ್ಕರ್ ಕಣ್ಣೀರಿಟ್ಟಿದ್ದಾರೆ.
ಎಂದು ಅವರು ತಿಳಿಸಿದ್ದಾರೆ. ಈ ಬಗ್ಗೆ ಪೊಲೀಸರು ಪ್ರಕರಣ ದಾಖಲಿಸಿಕೊಂಡು ತನಿಖೆ ಮುಂದುವರೆಸಿದ್ದಾರೆ. ಸ್ಥಳಕ್ಕೆ ಹಿರಿಯ ಅಧಿಕಾರಿಗಳು ಭೇಟಿ ನೀಡಿ ಪರಿಶೀಲನೆ ನಡೆಸಿದ್ದಾರೆ. ಘಟನೆಯ ಕುರಿತು ಹೆಚ್ಚಿನ ಮಾಹಿತಿ ಲಭ್ಯವಾಗಬೇಕಿದೆ. ಎಂದು ಅವರು ತಿಳಿಸಿದ್ದಾರೆ. ಈ ಬಗ್ಗೆ ಪೊಲೀಸರು ಪ್ರಕರಣ ದಾಖಲಿಸಿಕೊಂಡು ತನಿಖೆ ಮುಂದುವರೆಸಿದ್ದಾರೆ. ಸ್ಥಳಕ್ಕೆ ಹಿರಿಯ ಅಧಿಕಾರಿಗಳು ಭೇಟಿ ನೀಡಿ ಪರಿಶೀಲನೆ ನಡೆಸಿದ್ದಾರೆ. ಘಟನೆಯ ಕುರಿತು ಹೆಚ್ಚಿನ ಮಾಹಿತಿ ಲಭ್ಯವಾಗಬೇಕಿದೆ. ಎಂದು ಅವರು ತಿಳಿಸಿದ್ದಾರೆ. ಈ ಬಗ್ಗೆ ಪೊಲೀಸರು ಪ್ರಕರಣ ದಾಖಲಿಸಿಕೊಂಡು ತನಿಖೆ ಮುಂದುವರೆಸಿದ್ದಾರೆ. ಸ್ಥಳಕ್ಕೆ ಹಿರಿಯ ಅಧಿಕಾರಿಗಳು ಭೇಟಿ ನೀಡಿ ಪರಿಶೀಲನೆ ನಡೆಸಿದ್ದಾರೆ. ಘಟನೆಯ ಕುರಿತು ಹೆಚ್ಚಿನ ಮಾಹಿತಿ ಲಭ್ಯವಾಗಬೇಕಿದೆ. ಎಂದು ಅವರು ತಿಳಿಸಿದ್ದಾರೆ. ಈ ಬಗ್ಗೆ ಪೊಲೀಸರು ಪ್ರಕರಣ ದಾಖಲಿಸಿಕೊಂಡು ತನಿಖೆ ಮುಂದುವರೆಸಿದ್ದಾರೆ. ಸ್ಥಳಕ್ಕೆ ಹಿರಿಯ ಅಧಿಕಾರಿಗಳು ಭೇಟಿ ನೀಡಿ ಪರಿಶೀಲನೆ ನಡೆಸಿದ್ದಾರೆ. ಘಟನೆಯ ಕುರಿತು ಹೆಚ್ಚಿನ ಮಾಹಿತಿ ಲಭ್ಯವಾಗಬೇಕಿದೆ.
ವಿಧಾನ ಪರಿಷತ್ ಸದಸನನ್ನ
ಟೆರರಿಸ್ಟ್ ರೀತಿ ನಡೆಸಿಕೊಂಡಿದ್ದಾರೆ
ಬೆಳಗಾವಿ: ವಿಧಾನ ಪರಿಷತ್ ಸದಸ್ಯನನ್ನು ಒಬ್ಬ ಟೆರರಿಸ್ಟ್ ರೀತಿ ನಡೆಸಿಕೊಂಡಿದ್ದಾರೆ ಎಂದು ಬಿಜೆಪಿ ರಾಜ್ಯಾಧ್ಯಕ್ಷ ಬಿವೈ ವಿಜಯೇಂದ್ರ ಆಕ್ರೋಶ ವ್ಯಕ್ತಪಡಿಸಿದ್ದಾರೆ. ಸಿ.ಟಿ ರವಿ ಬಂಧನ ಹಿನ್ನೆಲೆ ವಿಜಯೇಂದ್ರ ಬೆಳಗಾವಿಗೆ ಭೇಟಿ ನೀಡಿದ್ದಾರೆ. ಎಂದು ಅವರು ತಿಳಿಸಿದ್ದಾರೆ. ಈ ಬಗ್ಗೆ ಪೊಲೀಸರು ಪ್ರಕರಣ ದಾಖಲಿಸಿಕೊಂಡು ತನಿಖೆ ಮುಂದುವರೆಸಿದ್ದಾರೆ. ಸ್ಥಳಕ್ಕೆ ಹಿರಿಯ ಅಧಿಕಾರಿಗಳು ಭೇಟಿ ನೀಡಿ ಪರಿಶೀಲನೆ ನಡೆಸಿದ್ದಾರೆ. ಘಟನೆಯ ಕುರಿತು ಹೆಚ್ಚಿನ ಮಾಹಿತಿ ಲಭ್ಯವಾಗಬೇಕಿದೆ. ಎಂದು ಅವರು ತಿಳಿಸಿದ್ದಾರೆ. ಈ ಬಗ್ಗೆ ಪೊಲೀಸರು ಪ್ರಕರಣ ದಾಖಲಿಸಿಕೊಂಡು ತನಿಖೆ ಮುಂದುವರೆಸಿದ್ದಾರೆ. ಸ್ಥಳಕ್ಕೆ ಹಿರಿಯ ಅಧಿಕಾರಿಗಳು ಭೇಟಿ ನೀಡಿ ಪರಿಶೀಲನೆ ನಡೆಸಿದ್ದಾರೆ. ಘಟನೆಯ ಕುರಿತು ಹೆಚ್ಚಿನ ಮಾಹಿತಿ ಲಭ್ಯವಾಗಬೇಕಿದೆ. ಎಂದು ಅವರು ತಿಳಿಸಿದ್ದಾರೆ. ಈ ಬಗ್ಗೆ ಪೊಲೀಸರು ಪ್ರಕರಣ ದಾಖಲಿಸಿಕೊಂಡು ತನಿಖೆ ಮುಂದುವರೆಸಿದ್ದಾರೆ. ಸ್ಥಳಕ್ಕೆ ಹಿರಿಯ ಅಧಿಕಾರಿಗಳು ಭೇಟಿ ನೀಡಿ ಪರಿಶೀಲನೆ ನಡೆಸಿದ್ದಾರೆ. ಘಟನೆಯ ಕುರಿತು ಹೆಚ್ಚಿನ ಮಾಹಿತಿ ಲಭ್ಯವಾಗಬೇಕಿದೆ. ಎಂದು ಅವರು ತಿಳಿಸಿದ್ದಾರೆ. ಈ ಬಗ್ಗೆ ಪೊಲೀಸರು ಪ್ರಕರಣ ದಾಖಲಿಸಿಕೊಂಡು ತನಿಖೆ ಮುಂದುವರೆಸಿದ್ದಾರೆ. ಸ್ಥಳಕ್ಕೆ ಹಿರಿಯ ಅಧಿಕಾರಿಗಳು ಭೇಟಿ ನೀಡಿ ಪರಿಶೀಲನೆ ನಡೆಸಿದ್ದಾರೆ. ಘಟನೆಯ ಕುರಿತು ಹೆಚ್ಚಿನ ಮಾಹಿತಿ ಲಭ್ಯವಾಗಬೇಕಿದೆ.
ಸಿ.ಟಿ ರವಿ ಕೊಲೆಗಡುಕ ಅಂತ ಹೇಳಿರೋ ಲಕ್ಷ್ಮಿ ಹೆಬ್ಬಾಳ್ಕರ್, ಬೆಂಬಲಿಗರನ್ನು ಬಂಧಿಸಬೇಕು
ಕೊಪ್ಪಳ: ಸಿ.ಟಿ ರವಿ ಅವರನ್ನು ಕೊಲೆಗಡುಕ ಎಂದು ಹೇಳಿರುವ ಲಕ್ಷ್ಮಿ ಹೆಬ್ಬಾಳ್ಕರ್ ಹಾಗೂ ಅವರ ಬೆಂಬಲಿಗರನ್ನು ಬಂಧಿಸಬೇಕು ಎಂದು ಗಂಗಾವತಿ ಶಾಸಕ ಜನಾರ್ದನ ರೆಡ್ಡಿ ಆಗ್ರಹಿಸಿದ್ದಾರೆ. ಎಂದು ಅವರು ತಿಳಿಸಿದ್ದಾರೆ. ಈ ಬಗ್ಗೆ ಪೊಲೀಸರು ಪ್ರಕರಣ ದಾಖಲಿಸಿಕೊಂಡು ತನಿಖೆ ಮುಂದುವರೆಸಿದ್ದಾರೆ. ಸ್ಥಳಕ್ಕೆ ಹಿರಿಯ ಅಧಿಕಾರಿಗಳು ಭೇಟಿ ನೀಡಿ ಪರಿಶೀಲನೆ ನಡೆಸಿದ್ದಾರೆ. ಘಟನೆಯ ಕುರಿತು ಹೆಚ್ಚಿನ ಮಾಹಿತಿ ಲಭ್ಯವಾಗಬೇಕಿದೆ. ಎಂದು ಅವರು ತಿಳಿಸಿದ್ದಾರೆ. ಈ ಬಗ್ಗೆ ಪೊಲೀಸರು ಪ್ರಕರಣ ದಾಖಲಿಸಿಕೊಂಡು ತನಿಖೆ ಮುಂದುವರೆಸಿದ್ದಾರೆ. ಸ್ಥಳಕ್ಕೆ ಹಿರಿಯ ಅಧಿಕಾರಿಗಳು ಭೇಟಿ ನೀಡಿ ಪರಿಶೀಲನೆ ನಡೆಸಿದ್ದಾರೆ. ಘಟನೆಯ ಕುರಿತು ಹೆಚ್ಚಿನ ಮಾಹಿತಿ ಲಭ್ಯವಾಗಬೇಕಿದೆ.
ಮೇಲೆ ಆರೋಪ ಮಾಡುವುದು ಸರಿಯಲ್ಲ ಎಂದು ಕಿಡಿಕಾರಿದ್ದಾರೆ. ಸಿ.ಟಿ ರವಿಯನ್ನು ಕೊಲೆಗಡುಕ ಎಂದು ಹೇಳಿದ್ದಾರೆ. ಹಾಗಾದರೆ ಅವರು ಕೊಲೆ ಮಾಡಿದ್ದಾರಾ? ಅವರ ಮೇಲೆ ಮಾರಣಾಂತಿಕ ಹಲ್ಲೆ ಮಾಡಿದ್ದಾರೆ. ಎಂದು ಅವರು ತಿಳಿಸಿದ್ದಾರೆ. ಈ ಬಗ್ಗೆ ಪೊಲೀಸರು ಪ್ರಕರಣ ದಾಖಲಿಸಿಕೊಂಡು ತನಿಖೆ ಮುಂದುವರೆಸಿದ್ದಾರೆ. ಸ್ಥಳಕ್ಕೆ ಹಿರಿಯ ಅಧಿಕಾರಿಗಳು ಭೇಟಿ ನೀಡಿ ಪರಿಶೀಲನೆ ನಡೆಸಿದ್ದಾರೆ. ಘಟನೆಯ ಕುರಿತು ಹೆಚ್ಚಿನ ಮಾಹಿತಿ ಲಭ್ಯವಾಗಬೇಕಿದೆ. ಎಂದು ಅವರು ತಿಳಿಸಿದ್ದಾರೆ. ಈ ಬಗ್ಗೆ ಪೊಲೀಸರು ಪ್ರಕರಣ ದಾಖಲಿಸಿಕೊಂಡು ತನಿಖೆ ಮುಂದುವರೆಸಿದ್ದಾರೆ. ಸ್ಥಳಕ್ಕೆ ಹಿರಿಯ ಅಧಿಕಾರಿಗಳು ಭೇಟಿ ನೀಡಿ ಪರಿಶೀಲನೆ ನಡೆಸಿದ್ದಾರೆ. ಘಟನೆಯ ಕುರಿತು ಹೆಚ್ಚಿನ ಮಾಹಿತಿ ಲಭ್ಯವಾಗಬೇಕಿದೆ.
ರಾಜ್ಯದಲ್ಲಿ ಏನೇ ಆದ್ರೂ ನಾವೇ ಅಂತಾರೆ!
ಬಿಜೆಪಿ ಆರೋಪಕ್ಕೆ ಡಿಕೆ ಶಿವಕುಮಾರ್ ವ್ಯಂಗ್ಯ
ಬೆಂಗಳೂರು: ಬೆಜೆಪಿ ಪರಿಷತ್ ಸದಸ್ಯ ಸಿ ಟಿ ರವಿ ತಮ್ಮ ವಿರುದ್ಧ ಅವಾಚ್ಯ ಶಬ್ದಗಳ ಬಳಕೆ ಮಾಡಿದ್ದಾರೆ ಎಂದು ಸಚಿವೆ ಲಕ್ಷ್ಮಿ ಹೆಬ್ಬಾಳ್ಕರ್ ಆರೋಪಿಸಿದ್ದಾರೆ. ಎಂದು ಅವರು ತಿಳಿಸಿದ್ದಾರೆ. ಈ ಬಗ್ಗೆ ಪೊಲೀಸರು ಪ್ರಕರಣ ದಾಖಲಿಸಿಕೊಂಡು ತನಿಖೆ ಮುಂದುವರೆಸಿದ್ದಾರೆ. ಸ್ಥಳಕ್ಕೆ ಹಿರಿಯ ಅಧಿಕಾರಿಗಳು ಭೇಟಿ ನೀಡಿ ಪರಿಶೀಲನೆ ನಡೆಸಿದ್ದಾರೆ. ಘಟನೆಯ ಕುರಿತು ಹೆಚ್ಚಿನ ಮಾಹಿತಿ ಲಭ್ಯವಾಗಬೇಕಿದೆ. ನನಗೂ ಇದಕ್ಕೂ ಸಂಬಂಧವಿಲ್ಲ: ಎಂದು ಅವರು ತಿಳಿಸಿದ್ದಾರೆ. ಈ ಬಗ್ಗೆ ಪೊಲೀಸರು ಪ್ರಕರಣ ದಾಖಲಿಸಿಕೊಂಡು ತನಿಖೆ ಮುಂದುವರೆಸಿದ್ದಾರೆ. ಸ್ಥಳಕ್ಕೆ ಹಿರಿಯ ಅಧಿಕಾರಿಗಳು ಭೇಟಿ ನೀಡಿ ಪರಿಶೀಲನೆ ನಡೆಸಿದ್ದಾರೆ. ಘಟನೆಯ ಕುರಿತು ಹೆಚ್ಚಿನ ಮಾಹಿತಿ ಲಭ್ಯವಾಗಬೇಕಿದೆ.
ಇದರಲ್ಲಿ ನನ್ನ ಇನ್ವಾಲ್ವ್‌ಮೆಂಟ್ ಇಲ್ಲ: ಸಿಟಿ ರವಿ ಬಂಧನದ ಹಿಂದೆ ಡಿಕೆ ಶಿವಕುಮಾರ್ ಕೈವಾಡವಿದೆ ಎಂಬ ಆರೋಪಕ್ಕೆ ಪ್ರತಿಕ್ರಿಯೆ ನೀಡಿದ್ದಾರೆ. ಎಂದು ಅವರು ತಿಳಿಸಿದ್ದಾರೆ. ಈ ಬಗ್ಗೆ ಪೊಲೀಸರು ಪ್ರಕರಣ ದಾಖಲಿಸಿಕೊಂಡು ತನಿಖೆ ಮುಂದುವರೆಸಿದ್ದಾರೆ. ಸ್ಥಳಕ್ಕೆ ಹಿರಿಯ ಅಧಿಕಾರಿಗಳು ಭೇಟಿ ನೀಡಿ ಪರಿಶೀಲನೆ ನಡೆಸಿದ್ದಾರೆ. ಘಟನೆಯ ಕುರಿತು ಹೆಚ್ಚಿನ ಮಾಹಿತಿ ಲಭ್ಯವಾಗಬೇಕಿದೆ. ಎಂದು ಅವರು ತಿಳಿಸಿದ್ದಾರೆ. ಈ ಬಗ್ಗೆ ಪೊಲೀಸರು ಪ್ರಕರಣ ದಾಖಲಿಸಿಕೊಂಡು ತನಿಖೆ ಮುಂದುವರೆಸಿದ್ದಾರೆ. ಸ್ಥಳಕ್ಕೆ ಹಿರಿಯ ಅಧಿಕಾರಿಗಳು ಭೇಟಿ ನೀಡಿ ಪರಿಶೀಲನೆ ನಡೆಸಿದ್ದಾರೆ. ಘಟನೆಯ ಕುರಿತು ಹೆಚ್ಚಿನ ಮಾಹಿತಿ ಲಭ್ಯವಾಗಬೇಕಿದೆ.
ಎಫ್‌ಐಆರ್
ವಾಗ್ವಾದದ ನಡುವೆ ಸಚಿವೆ ಲಕ್ಷ್ಮೀ ಹೆಬ್ಬಾಳ್ಕರ್ ಅವರು ಬಿಜೆಪಿ ಎಂಎಲ್‌ಸಿ ಸಿ.ಟಿ ರವಿ ಅವರ ವಿರುದ್ಧ ದೂರು ನೀಡಿದ್ದಾರೆ. ಸಿ.ಟಿ ರವಿ ಬಂಧನ ವಿರೋಧಿಸಿ ಬಿಜೆಪಿ ನಾಯಕರು ಸರ್ಕಾರದ ವಿರುದ್ಧ ಆಕ್ರೋಶ ವ್ಯಕ್ತಪಡಿಸಿದ್ದಾರೆ. ಎಂದು ಅವರು ತಿಳಿಸಿದ್ದಾರೆ. ಈ ಬಗ್ಗೆ ಪೊಲೀಸರು ಪ್ರಕರಣ ದಾಖಲಿಸಿಕೊಂಡು ತನಿಖೆ ಮುಂದುವರೆಸಿದ್ದಾರೆ. ಸ್ಥಳಕ್ಕೆ ಹಿರಿಯ ಅಧಿಕಾರಿಗಳು ಭೇಟಿ ನೀಡಿ ಪರಿಶೀಲನೆ ನಡೆಸಿದ್ದಾರೆ. ಘಟನೆಯ ಕುರಿತು ಹೆಚ್ಚಿನ ಮಾಹಿತಿ ಲಭ್ಯವಾಗಬೇಕಿದೆ. ಎಂದು ಅವರು ತಿಳಿಸಿದ್ದಾರೆ. ಈ ಬಗ್ಗೆ ಪೊಲೀಸರು ಪ್ರಕರಣ ದಾಖಲಿಸಿಕೊಂಡು ತನಿಖೆ ಮುಂದುವರೆಸಿದ್ದಾರೆ. ಸ್ಥಳಕ್ಕೆ ಹಿರಿಯ ಅಧಿಕಾರಿಗಳು ಭೇಟಿ ನೀಡಿ ಪರಿಶೀಲನೆ ನಡೆಸಿದ್ದಾರೆ. ಘಟನೆಯ ಕುರಿತು ಹೆಚ್ಚಿನ ಮಾಹಿತಿ ಲಭ್ಯವಾಗಬೇಕಿದೆ. ಎಂದು ಅವರು ತಿಳಿಸಿದ್ದಾರೆ. ಈ ಬಗ್ಗೆ ಪೊಲೀಸರು ಪ್ರಕರಣ ದಾಖಲಿಸಿಕೊಂಡು ತನಿಖೆ ಮುಂದುವರೆಸಿದ್ದಾರೆ. ಸ್ಥಳಕ್ಕೆ ಹಿರಿಯ ಅಧಿಕಾರಿಗಳು ಭೇಟಿ ನೀಡಿ ಪರಿಶೀಲನೆ ನಡೆಸಿದ್ದಾರೆ. ಘಟನೆಯ ಕುರಿತು ಹೆಚ್ಚಿನ ಮಾಹಿತಿ ಲಭ್ಯವಾಗಬೇಕಿದೆ.
ಪ್ರಧಾನಿ ಭೇಟಿ
ಕುವೈತ್‌ನಲ್ಲಿ 10 ಲಕ್ಷ ಭಾರತೀಯರು ವಾಸಿಸುತ್ತಿದ್ದಾರೆ, ಅವರ ಸಂಖ್ಯೆಯು ಅಲ್ಲಿ ವಾಸಿಸುವ ವಿದೇಶಿ ಪ್ರಜೆಗಳಲ್ಲಿ ಅತಿ ಹೆಚ್ಚು. ಪ್ರಧಾನಮಂತ್ರಿಯವರ ಕುವೈತ್ ಭೇಟಿಯು ಉಭಯ ದೇಶಗಳ ನಡುವಿನ ಸಂಬಂಧದಲ್ಲಿ ಹೊಸ ನಾವೀನ್ಯತೆಯನ್ನು ತರಲಿದೆ. ಇಂಧನ, ಹೈಡ್ರೋಕಾರ್ಬನ್ ಮತ್ತು ವ್ಯಾಪಾರ ಸಂಬಂಧಗಳಿಗೆ ಸಂಬಂಧಿಸಿದ ಇತರ ವಿಷಯಗಳ ಬಗ್ಗೆ ಚರ್ಚಿಸಲಾಗುವುದು. ಕುವೈತ್‌ನ ಅಮೀರ್ ಅವರೊಂದಿಗಿನ ದ್ವಿಪಕ್ಷೀಯ ಸಭೆಯಲ್ಲಿ ಸ್ಥಳೀಯ ಕರೆನ್ಸಿಯ ವ್ಯಾಪಾರದ ಬಗ್ಗೆಯೂ ಚರ್ಚಿಸಲಾಗುವುದು.
ವಾರೆಂಟ್ ಜಾರಿ
ಸಂಬಳದಲ್ಲಿ ಪಿಎಫ್ ಹಣ ಕಟ್ ಮಾಡಿಕೊಂಡು ಉದ್ಯೋಗಿಗಳ ಖಾತೆಗೆ ಹಾಕದೇ 23 ಲಕ್ಷ ರೂ. ಪಿಎಫ್ ಹಣ ವಂಚಿಸಿದ್ದಾರೆ ಎಂಬ ಆರೋಪ ಕೇಳಿ ಬಂದಿದೆ.
60 ಮಂದಿಗೆ ಗಾಯ
ಈ ಭಯಾನಕ ದುರಂತದಲ್ಲಿ ಹಲವರು ಸಂತ್ರಸ್ತರಾಗಿದ್ದಾರೆ ಎಂದು
ಮೊದಲನೇ ಪುಟದಿಂದ...
ಅವರು ಕಂಬನಿ ಮಿಡಿದಿದ್ದಾರೆ.
ಎಂದು ಅವರು ತಿಳಿಸಿದ್ದಾರೆ. ಈ ಬಗ್ಗೆ ಪೊಲೀಸರು ಪ್ರಕರಣ ದಾಖಲಿಸಿಕೊಂಡು ತನಿಖೆ ಮುಂದುವರೆಸಿದ್ದಾರೆ. ಸ್ಥಳಕ್ಕೆ ಹಿರಿಯ ಅಧಿಕಾರಿಗಳು ಭೇಟಿ ನೀಡಿ ಪರಿಶೀಲನೆ ನಡೆಸಿದ್ದಾರೆ. ಘಟನೆಯ ಕುರಿತು ಹೆಚ್ಚಿನ ಮಾಹಿತಿ ಲಭ್ಯವಾಗಬೇಕಿದೆ. ಎಂದು ಅವರು ತಿಳಿಸಿದ್ದಾರೆ. ಈ ಬಗ್ಗೆ ಪೊಲೀಸರು ಪ್ರಕರಣ ದಾಖಲಿಸಿಕೊಂಡು ತನಿಖೆ ಮುಂದುವರೆಸಿದ್ದಾರೆ. ಸ್ಥಳಕ್ಕೆ ಹಿರಿಯ ಅಧಿಕಾರಿಗಳು ಭೇಟಿ ನೀಡಿ ಪರಿಶೀಲನೆ ನಡೆಸಿದ್ದಾರೆ. ಘಟನೆಯ ಕುರಿತು ಹೆಚ್ಚಿನ ಮಾಹಿತಿ ಲಭ್ಯವಾಗಬೇಕಿದೆ.
ಜಾಲತಾಣದಲ್ಲಿ ಹಂಚಿಕೊಂಡಿದ್ದಾರೆ. ಘಟನೆ ನಡೆದ ಕೆಲವೇ ಕ್ಷಣಗಳಲ್ಲಿ ಆಂಬುಲೆನ್ಸ್‌ಗಳು ಹಾಗೂ ಅಗ್ನಿಶಾಮಕ ಸಿಬ್ಬಂದಿ ಸ್ಥಳಕ್ಕೆ ಧಾವಿಸಿದ್ದು, ರಕ್ಷಣಾ ಕಾರ್ಯಾಚರಣೆಯಲ್ಲಿ ತೊಡಗಿದ್ದಾರೆ. ಗಂಭೀರವಾಗಿ ಗಾಯಗೊಂಡವರನ್ನು ಸ್ಟ್ರೆಚರ್‌ನಲ್ಲಿ ಆಸ್ಪತ್ರೆಗೆ ಸಾಗಿಸಿದ್ದಾರೆ ಎಂದು ವರದಿಗಳು ತಿಳಿಸಿವೆ.
ಮಾನಗೇಡಿ ಕೃತ್ಯ!
ಜೊತೆಗೆ ಸಹಕರಿಸುವಂತೆ ಬಲವಂತವಾಗಿ ಒತ್ತಾಯಿಸಿದ್ದಾರೆ, ಒಪ್ಪದಿದ್ದ ಕಾರಣಕ್ಕೆ ಸ್ನೇಹಿತರ ಜೊತೆ ಸೇರಿ ಅತ್ಯಾಚಾರ ಮಾಡಿದ್ದಾರೆ ಎಂದು ಆರೋಪಿಸಲಾಗಿದೆ. ಪರಿಚಯಸ್ಥ ಯುವತಿಯನ್ನು ಸ್ನೇಹಿತನೊಬ್ಬ ತನ್ನ ಇತರ ಫ್ರೆಂಡ್ಸ್ ಜೊತೆ ಸೇರಿಕೊಂಡು ಅತ್ಯಾಚಾರ ಮಾಡಿರುವ ಘಟನೆ ಜಿಲ್ಲೆಯಲ್ಲಿ ನಡೆದಿದೆ. ಎಂದು ಅವರು ತಿಳಿಸಿದ್ದಾರೆ. ಈ ಬಗ್ಗೆ ಪೊಲೀಸರು ಪ್ರಕರಣ ದಾಖಲಿಸಿಕೊಂಡು ತನಿಖೆ ಮುಂದುವರೆಸಿದ್ದಾರೆ. ಸ್ಥಳಕ್ಕೆ ಹಿರಿಯ ಅಧಿಕಾರಿಗಳು ಭೇಟಿ ನೀಡಿ ಪರಿಶೀಲನೆ ನಡೆಸಿದ್ದಾರೆ. ಘಟನೆಯ ಕುರಿತು ಹೆಚ್ಚಿನ ಮಾಹಿತಿ ಲಭ್ಯವಾಗಬೇಕಿದೆ. ಎಂದು ಅವರು ತಿಳಿಸಿದ್ದಾರೆ. ಈ ಬಗ್ಗೆ ಪೊಲೀಸರು ಪ್ರಕರಣ ದಾಖಲಿಸಿಕೊಂಡು ತನಿಖೆ ಮುಂದುವರೆಸಿದ್ದಾರೆ. ಸ್ಥಳಕ್ಕೆ ಹಿರಿಯ ಅಧಿಕಾರಿಗಳು ಭೇಟಿ ನೀಡಿ ಪರಿಶೀಲನೆ ನಡೆಸಿದ್ದಾರೆ. ಘಟನೆಯ ಕುರಿತು ಹೆಚ್ಚಿನ ಮಾಹಿತಿ ಲಭ್ಯವಾಗಬೇಕಿದೆ. ಎಂದು ಅವರು ತಿಳಿಸಿದ್ದಾರೆ. ಈ ಬಗ್ಗೆ ಪೊಲೀಸರು ಪ್ರಕರಣ ದಾಖಲಿಸಿಕೊಂಡು ತನಿಖೆ ಮುಂದುವರೆಸಿದ್ದಾರೆ. ಸ್ಥಳಕ್ಕೆ ಹಿರಿಯ ಅಧಿಕಾರಿಗಳು ಭೇಟಿ ನೀಡಿ ಪರಿಶೀಲನೆ ನಡೆಸಿದ್ದಾರೆ. ಘಟನೆಯ ಕುರಿತು ಹೆಚ್ಚಿನ ಮಾಹಿತಿ ಲಭ್ಯವಾಗಬೇಕಿದೆ. ಎಂದು ಅವರು ತಿಳಿಸಿದ್ದಾರೆ. ಈ ಬಗ್ಗೆ ಪೊಲೀಸರು ಪ್ರಕರಣ ದಾಖಲಿಸಿಕೊಂಡು ತನಿಖೆ ಮುಂದುವರೆಸಿದ್ದಾರೆ. ಸ್ಥಳಕ್ಕೆ ಹಿರಿಯ ಅಧಿಕಾರಿಗಳು ಭೇಟಿ ನೀಡಿ ಪರಿಶೀಲನೆ ನಡೆಸಿದ್ದಾರೆ. ಘಟನೆಯ ಕುರಿತು ಹೆಚ್ಚಿನ ಮಾಹಿತಿ ಲಭ್ಯವಾಗಬೇಕಿದೆ. ಎಂದು ಅವರು ತಿಳಿಸಿದ್ದಾರೆ. ಈ ಬಗ್ಗೆ ಪೊಲೀಸರು ಪ್ರಕರಣ ದಾಖಲಿಸಿಕೊಂಡು ತನಿಖೆ ಮುಂದುವರೆಸಿದ್ದಾರೆ. ಸ್ಥಳಕ್ಕೆ ಹಿರಿಯ ಅಧಿಕಾರಿಗಳು ಭೇಟಿ ನೀಡಿ ಪರಿಶೀಲನೆ ನಡೆಸಿದ್ದಾರೆ. ಘಟನೆಯ ಕುರಿತು ಹೆಚ್ಚಿನ ಮಾಹಿತಿ ಲಭ್ಯವಾಗಬೇಕಿದೆ.
ಆದ್ರೆ ಇದನ್ನು ನಿರಾಕರಿಸಿದ ಯುವತಿಯನ್ನ, ತನ್ನ ಸ್ನೇಹಿತೆ ಅಂತಾನೂ ನೋಡದೆ ಬೇರೆ ಸ್ನೇಹಿತರೊಂದಿಗೆ ಸೇರಿ ಅತ್ಯಾಚಾರ ಮಾಡಿದ್ದಾನೆಂದು ಯುವತಿ ಆರೋಪಿಸಿದ್ದಾಳೆ ಎನ್ನಲಾಗಿದೆ. ಏಕಾಂತದಲ್ಲಿದ್ದ ವಿಡಿಯೋ ಮಾಡಿಟ್ಟುಕೊಂಡು, ಅದನ್ನೇ ತೋರಿಸಿ ಬ್ಲ್ಯಾಕ್ ಮೇಲ್ ಮಾಡ್ತಿರೋದಾಗಿಯು ತಿಳಿದುಬಂದಿದೆ. ಎಂದು ಅವರು ತಿಳಿಸಿದ್ದಾರೆ. ಈ ಬಗ್ಗೆ ಪೊಲೀಸರು ಪ್ರಕರಣ ದಾಖಲಿಸಿಕೊಂಡು ತನಿಖೆ ಮುಂದುವರೆಸಿದ್ದಾರೆ. ಸ್ಥಳಕ್ಕೆ ಹಿರಿಯ ಅಧಿಕಾರಿಗಳು ಭೇಟಿ ನೀಡಿ ಪರಿಶೀಲನೆ ನಡೆಸಿದ್ದಾರೆ. ಘಟನೆಯ ಕುರಿತು ಹೆಚ್ಚಿನ ಮಾಹಿತಿ ಲಭ್ಯವಾಗಬೇಕಿದೆ.
ಓಡಾಟ
ರಾವತ್ ಕುಟುಂಬವು ಭಾಂಡಪ್‌ನ ಮೈತ್ರಿ ಬಂಗಲೆಯಲ್ಲಿ ವಾಸಿಸುತ್ತಿದೆ. ಸಿಸಿಟಿವಿ ದೃಶ್ಯಗಳನ್ನು ಪರಿಶೀಲಿಸಲಾಗುತ್ತಿದೆ. ಬಾಬಾ ಸಿದ್ದಿಕ್ ಹತ್ಯೆಯ ನಂತರ ಈ ವಿಷಯ ಗಂಭೀರವಾಗಿದೆ ಎಂದು ಸುನೀಲ್ ರಾವತ್ ಹೇಳಿದ್ದಾರೆ. ಕಳೆದ ಮೂರು ವರ್ಷಗಳಲ್ಲಿ ಶಿಂಧೆ ಮತ್ತು ಫಡ್ನವಿಸ್ ಸರ್ಕಾರ ಅಧಿಕಾರಕ್ಕೆ ಬಂದ ನಂತರ ರಾಜ್ಯದಲ್ಲಿ ಕಾನೂನು ಸುವ್ಯವಸ್ಥೆ ಹದಗೆಟ್ಟಿದೆ. ವಿರುದ್ಧ ಪ್ರಕರಣ ದಾಖಲಿಸಲಾಗುತ್ತದೆ. ಮಹಾರಾಷ್ಟ್ರ ವಿಧಾನಸಭೆ ಚುನಾವಣೆಯಲ್ಲಿ ಬಿಜೆಪಿ ಗೆಲುವಿನ ನಂತರ ಮರಾಠಿ ಮಾತನಾಡುವ ಜನರ ಮೇಲೆ ಹಲ್ಲೆಗಳು ಹೆಚ್ಚಿವೆ ಎಂದು ಹೇಳಿದ್ದಾರೆ. ಎಂದು ಅವರು ತಿಳಿಸಿದ್ದಾರೆ. ಈ ಬಗ್ಗೆ ಪೊಲೀಸರು ಪ್ರಕರಣ ದಾಖಲಿಸಿಕೊಂಡು ತನಿಖೆ ಮುಂದುವರೆಸಿದ್ದಾರೆ. ಸ್ಥಳಕ್ಕೆ ಹಿರಿಯ ಅಧಿಕಾರಿಗಳು ಭೇಟಿ ನೀಡಿ ಪರಿಶೀಲನೆ ನಡೆಸಿದ್ದಾರೆ. ಘಟನೆಯ ಕುರಿತು ಹೆಚ್ಚಿನ ಮಾಹಿತಿ ಲಭ್ಯವಾಗಬೇಕಿದೆ.
ಮರುಜನ್ಮ!
ಈ ವೇಳೆ ಮೃತ ಯುವಕನ ಕುಟುಂಬಸ್ಥರು ಸಂಪರ್ಕಿಸಿದ ಡಾ. ಕಣ್ಣನ್ ತಂಡದ ವೈದ್ಯರು 27 ವರ್ಷದ ಯುವತಿಗೆ ಹೃದಯ ಕಸಿ ಮಾಡಿದ್ದಾರೆ. ಎಂದು ಅವರು ತಿಳಿಸಿದ್ದಾರೆ. ಈ ಬಗ್ಗೆ ಪೊಲೀಸರು ಪ್ರಕರಣ ದಾಖಲಿಸಿಕೊಂಡು ತನಿಖೆ ಮುಂದುವರೆಸಿದ್ದಾರೆ. ಸ್ಥಳಕ್ಕೆ ಹಿರಿಯ ಅಧಿಕಾರಿಗಳು ಭೇಟಿ ನೀಡಿ ಪರಿಶೀಲನೆ ನಡೆಸಿದ್ದಾರೆ. ಘಟನೆಯ ಕುರಿತು ಹೆಚ್ಚಿನ ಮಾಹಿತಿ ಲಭ್ಯವಾಗಬೇಕಿದೆ. ಎಂದು ಅವರು ತಿಳಿಸಿದ್ದಾರೆ. ಈ ಬಗ್ಗೆ ಪೊಲೀಸರು ಪ್ರಕರಣ ದಾಖಲಿಸಿಕೊಂಡು ತನಿಖೆ ಮುಂದುವರೆಸಿದ್ದಾರೆ. ಸ್ಥಳಕ್ಕೆ ಹಿರಿಯ ಅಧಿಕಾರಿಗಳು ಭೇಟಿ ನೀಡಿ ಪರಿಶೀಲನೆ ನಡೆಸಿದ್ದಾರೆ. ಘಟನೆಯ ಕುರಿತು ಹೆಚ್ಚಿನ ಮಾಹಿತಿ ಲಭ್ಯವಾಗಬೇಕಿದೆ.
ಬೆಂಗಳೂರಿನಲ್ಲಿ ಅನ್ಯ ರಾಜ್ಯ ರಿಜಿಸ್ಟ್ರೇಷನ್ ಕಾರುಗಳ ವಿರುದ್ಧ ಸಮರ ಸಾರಿದ ಆರ್‌ಟಿಓ
ಬೆಂಗಳೂರು: ಬೆಂಗಳೂರಿನ ಪ್ರತಿದಿನ ಕೋಟ್ಯಂತರ ರೂಪಾಯಿ ಮೌಲ್ಯದ ಐಷಾರಾಮಿ ಕಾರುಗಳು ಓಡಾಡುತ್ತಿವೆ. ನಗರದಲ್ಲಿ ಎಲ್ಲಾ ಬೇರೆ ಬೇರೆ ರಾಜ್ಯದ ಕಾರುಗಳು. ವಿಶೇಷವಾಗಿ ಕಚ ರಿಜಿಸ್ಟ್ರೇಷನ್ ಪಾಂಡಿಚೇರಿಯ ಕಾರುಗಳು. ಈ ಐಷಾರಾಮಿ ಕಾರುಗಳನ್ನು ಖರೀದಿ ಮಾಡಲು ನಗರದಲ್ಲಿ ಕೋಟಿ ಕುಳಗಳು ಪಾಂಡಿಚೇರಿಗೆ ಹೋಗುತ್ತಿದ್ದಾರೆ. ಅಲ್ಲಿಂದಲೇ ಏಕೆ ಕಾರು ಖರೀದಿ ಮಾಡುತ್ತಾರೆ ಎಂದರೆ ನಮ್ಮ ರಾಜ್ಯದಲ್ಲಿ 20 ಲಕ್ಷ ರುಪಾಯಿ ಮೇಲಿನ ಐಷಾರಾಮಿ ಕಾರು ಖರೀದಿ ಮಾಡಿದ್ರೆ, 20% ರಷ್ಟು ಟ್ಯಾಕ್ಸ್ ಪಾವತಿ ಮಾಡಬೇಕು. ಎಂದು ಅವರು ತಿಳಿಸಿದ್ದಾರೆ. ಈ ಬಗ್ಗೆ ಪೊಲೀಸರು ಪ್ರಕರಣ ದಾಖಲಿಸಿಕೊಂಡು ತನಿಖೆ ಮುಂದುವರೆಸಿದ್ದಾರೆ. ಸ್ಥಳಕ್ಕೆ ಹಿರಿಯ ಅಧಿಕಾರಿಗಳು ಭೇಟಿ ನೀಡಿ ಪರಿಶೀಲನೆ ನಡೆಸಿದ್ದಾರೆ. ಘಟನೆಯ ಕುರಿತು ಹೆಚ್ಚಿನ ಮಾಹಿತಿ ಲಭ್ಯವಾಗಬೇಕಿದೆ.
ಹೆಚ್ಚು ವಾಹನಗಳು ಓಡಾಡುತ್ತಿವೆ. ಅಂತಹ ಕಾರುಗಳನ್ನು ಸೀಜ್ ಮಾಡಿ ಟ್ಯಾಕ್ಸ್ ಪಾವತಿ ಮಾಡಿಸುತ್ತೇವೆ ಎಂದು ಅಡಿಷನಲ್ ಕಮೀಷನರ್ ಹೇಳಿದ್ದಾರೆ. ಇನ್ನೂ ಬೆಳಗ್ಗೆಯಿಂದಲೇ ಪಿವೈ ರಿಜಿಸ್ಟ್ರೇಷನ್ ಅನಧಿಕೃತ ಕಾರುಗಳ ವಿರುದ್ಧ ಆರ್‌ಟಿಓ ಅಧಿಕಾರಿಗಳು ಕಾರ್ಯಾಚರಣೆ ಆರಂಭ ಮಾಡಿದ್ದು, ನೂರಾರು ಕಾರುಗಳನ್ನು ತಪಾಸಣೆ ಮಾಡಿದ್ರು. ಈ ವೇಳೆ ಬೇರೆ ಬೇರೆ ರಾಜ್ಯದ ಕಾರುಗಳು ಟ್ಯಾಕ್ಸ್ ಪಾವತಿ ಮಾಡದೆ ಓಡಾಡುತ್ತಿರುವುದು ಪತ್ತೆಯಾಗಿದೆ. ಎಂದು ಅವರು ತಿಳಿಸಿದ್ದಾರೆ. ಈ ಬಗ್ಗೆ ಪೊಲೀಸರು ಪ್ರಕರಣ ದಾಖಲಿಸಿಕೊಂಡು ತನಿಖೆ ಮುಂದುವರೆಸಿದ್ದಾರೆ. ಸ್ಥಳಕ್ಕೆ ಹಿರಿಯ ಅಧಿಕಾರಿಗಳು ಭೇಟಿ ನೀಡಿ ಪರಿಶೀಲನೆ ನಡೆಸಿದ್ದಾರೆ. ಘಟನೆಯ ಕುರಿತು ಹೆಚ್ಚಿನ ಮಾಹಿತಿ ಲಭ್ಯವಾಗಬೇಕಿದೆ. ಎಂದು ಅವರು ತಿಳಿಸಿದ್ದಾರೆ. ಈ ಬಗ್ಗೆ ಪೊಲೀಸರು ಪ್ರಕರಣ ದಾಖಲಿಸಿಕೊಂಡು ತನಿಖೆ ಮುಂದುವರೆಸಿದ್ದಾರೆ. ಸ್ಥಳಕ್ಕೆ ಹಿರಿಯ ಅಧಿಕಾರಿಗಳು ಭೇಟಿ ನೀಡಿ ಪರಿಶೀಲನೆ ನಡೆಸಿದ್ದಾರೆ. ಘಟನೆಯ ಕುರಿತು ಹೆಚ್ಚಿನ ಮಾಹಿತಿ ಲಭ್ಯವಾಗಬೇಕಿದೆ.
